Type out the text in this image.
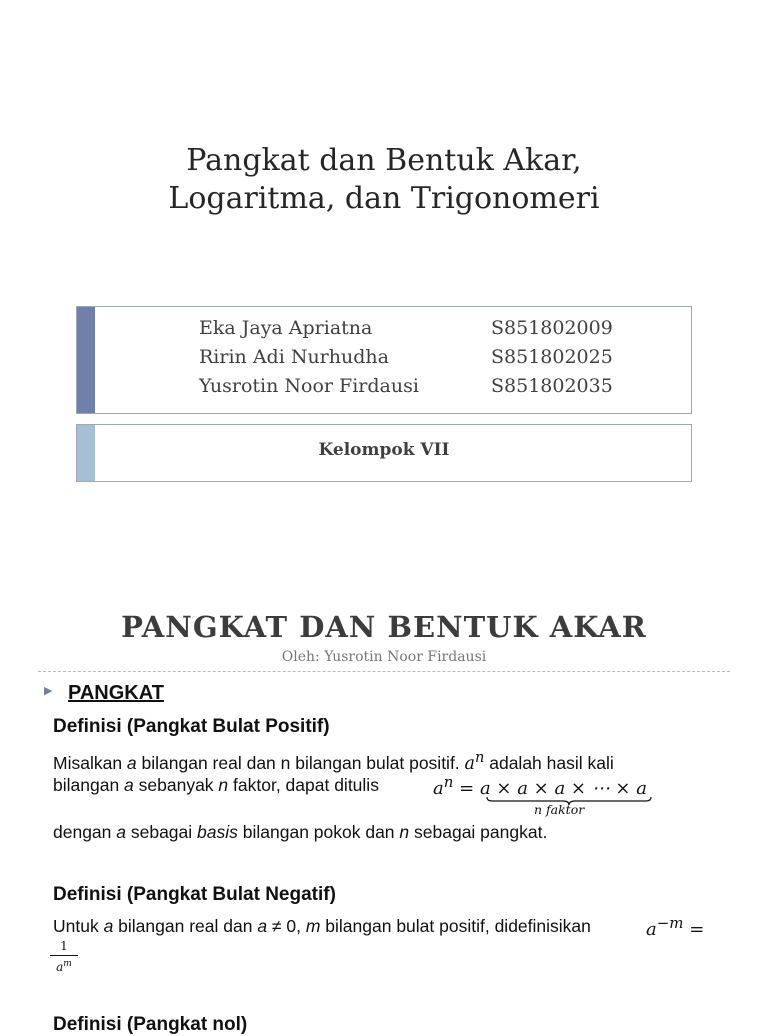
Pangkat dan Bentuk Akar,
Logaritma, dan Trigonomeri
Eka Jaya Apriatna	S851802009
Ririn Adi Nurhudha	S851802025
Yusrotin Noor Firdausi	S851802035
Kelompok VII
PANGKAT DAN BENTUK AKAR
Oleh: Yusrotin Noor Firdausi
▶ PANGKAT
Definisi (Pangkat Bulat Positif)
Misalkan a bilangan real dan n bilangan bulat positif. $a^n$ adalah hasil kali
bilangan a sebanyak n faktor, dapat ditulis	$a^n = a \times a \times a$ × ⋯ × a
n faktor
dengan a sebagai basis bilangan pokok dan n sebagai pangkat.
Definisi (Pangkat Bulat Negatif)
Untuk a bilangan real dan a ≠ 0, m bilangan bulat positif, didefinisikan	$a^{-m}$ =
1
$a^m$
Definisi (Pangkat nol)
